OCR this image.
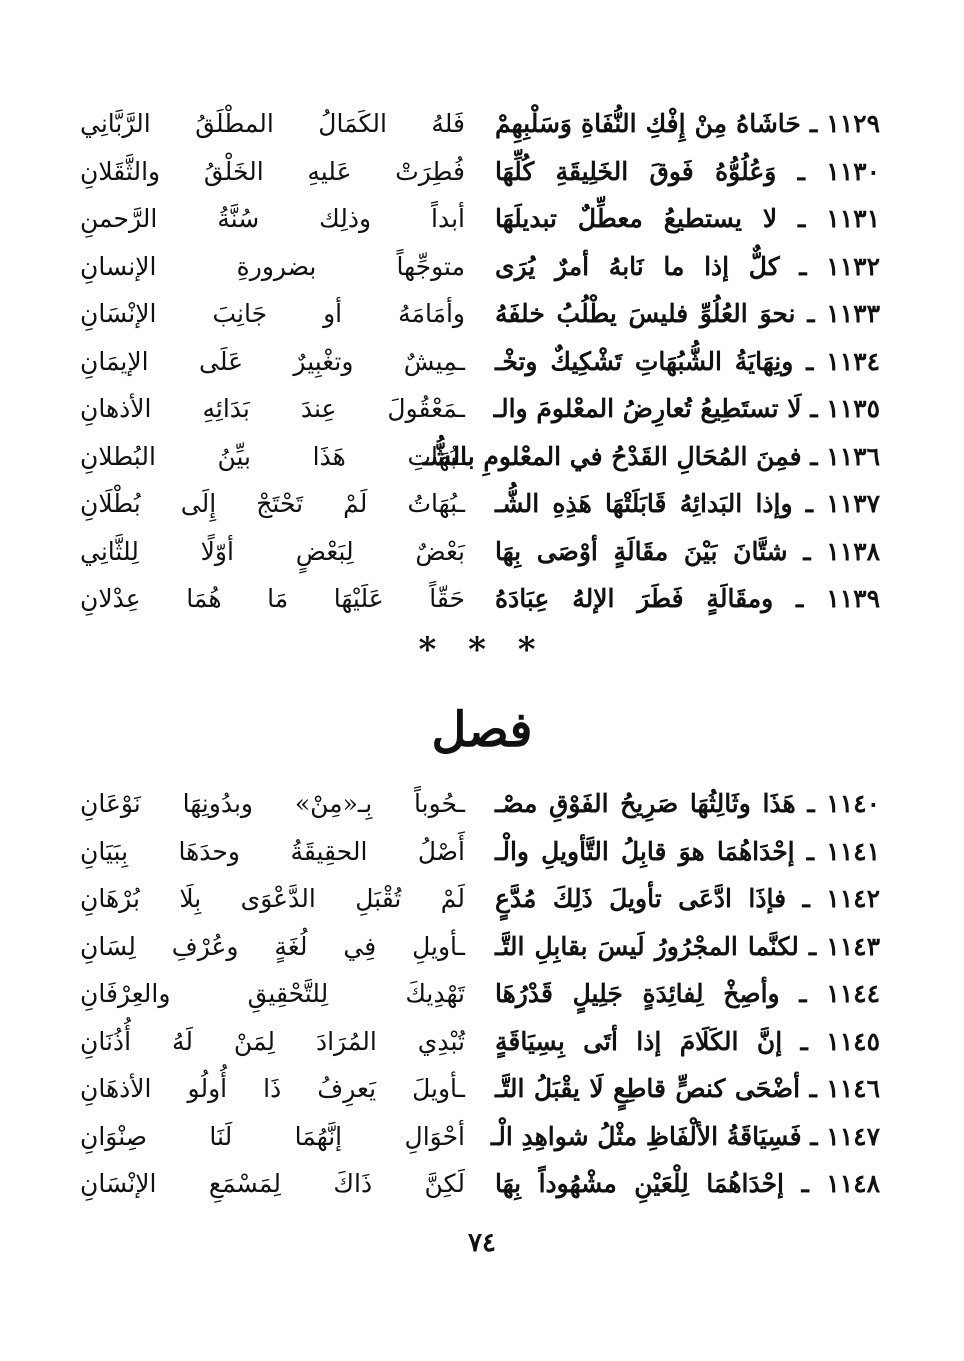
١١٢٩ ـ حَاشَاهُ مِنْ إِفْكِ النُّفَاةِ وَسَلْبِهِمْ
فَلهُ الكَمَالُ المطْلَقُ الرَّبَّانِي
١١٣٠ ـ وَعُلُوُّهُ فَوقَ الخَلِيقَةِ كُلِّهَا
فُطِرَتْ عَليهِ الخَلْقُ والثَّقَلانِ
١١٣١ ـ لا يستطيعُ معطِّلٌ تبديلَهَا
أبداً وذلِك سُنَّةُ الرَّحمنِ
١١٣٢ ـ كلٌّ إذا ما نَابهُ أمرٌ يُرَى
متوجِّهاً بضرورةِ الإنسانِ
١١٣٣ ـ نحوَ العُلُوِّ فليسَ يطْلُبُ خلفَهُ
وأمَامَهُ أو جَانِبَ الإنْسَانِ
١١٣٤ ـ ونِهَايَةُ الشُّبُهَاتِ تَشْكِيكٌ وتخْـ
ـمِيشٌ وتغْبِيرٌ عَلَى الإيمَانِ
١١٣٥ ـ لَا تستَطِيعُ تُعارِضُ المعْلومَ والـ
ـمَعْقُولَ عِندَ بَدَائِهِ الأذهانِ
١١٣٦ ـ فمِنَ المُحَالِ القَدْحُ في المعْلومِ بالشُّـ
ـبُهَاتِ هَذَا بيِّنُ البُطلانِ
١١٣٧ ـ وإذا البَدائِهُ قَابَلَتْهَا هَذِهِ الشُّـ
ـبُهَاتُ لَمْ تَحْتَجْ إِلَى بُطْلَانِ
١١٣٨ ـ شتَّانَ بَيْنَ مقَالَةٍ أوْصَى بِهَا
بَعْضٌ لِبَعْضٍ أوّلًا لِلثَّانِي
١١٣٩ ـ ومقَالَةٍ فَطَرَ الإلهُ عِبَادَهُ
حَقّاً عَلَيْهَا مَا هُمَا عِدْلانِ
* * *
فصل
١١٤٠ ـ هَذَا وثَالِثُهَا صَرِيحُ الفَوْقِ مصْـ
ـحُوباً بِـ«مِنْ» وبدُونِهَا نَوْعَانِ
١١٤١ ـ إحْدَاهُمَا هوَ قابِلُ التَّأويلِ والْـ
أَصْلُ الحقِيقَةُ وحدَهَا بِبَيَانِ
١١٤٢ ـ فإذَا ادَّعَى تأويلَ ذَلِكَ مُدَّعٍ
لَمْ تُقْبَلِ الدَّعْوَى بِلَا بُرْهَانِ
١١٤٣ ـ لكنَّما المجْرُورُ لَيسَ بقابِلِ التَّـ
ـأويلِ فِي لُغَةٍ وعُرْفِ لِسَانِ
١١٤٤ ـ وأصِخْ لِفائِدَةٍ جَلِيلٍ قَدْرُهَا
تَهْدِيكَ لِلتَّحْقِيقِ والعِرْفَانِ
١١٤٥ ـ إنَّ الكَلَامَ إذا أتَى بِسِيَاقَةٍ
تُبْدِي المُرَادَ لِمَنْ لَهُ أُذُنَانِ
١١٤٦ ـ أضْحَى كنصٍّ قاطِعٍ لَا يقْبَلُ التَّـ
ـأويلَ يَعرِفُ ذَا أُولُو الأذهَانِ
١١٤٧ ـ فَسِيَاقَةُ الألْفَاظِ مثْلُ شواهِدِ الْـ
أحْوَالِ إنَّهُمَا لَنَا صِنْوَانِ
١١٤٨ ـ إحْدَاهُمَا لِلْعَيْنِ مشْهُوداً بِهَا
لَكِنَّ ذَاكَ لِمَسْمَعِ الإنْسَانِ
٧٤
